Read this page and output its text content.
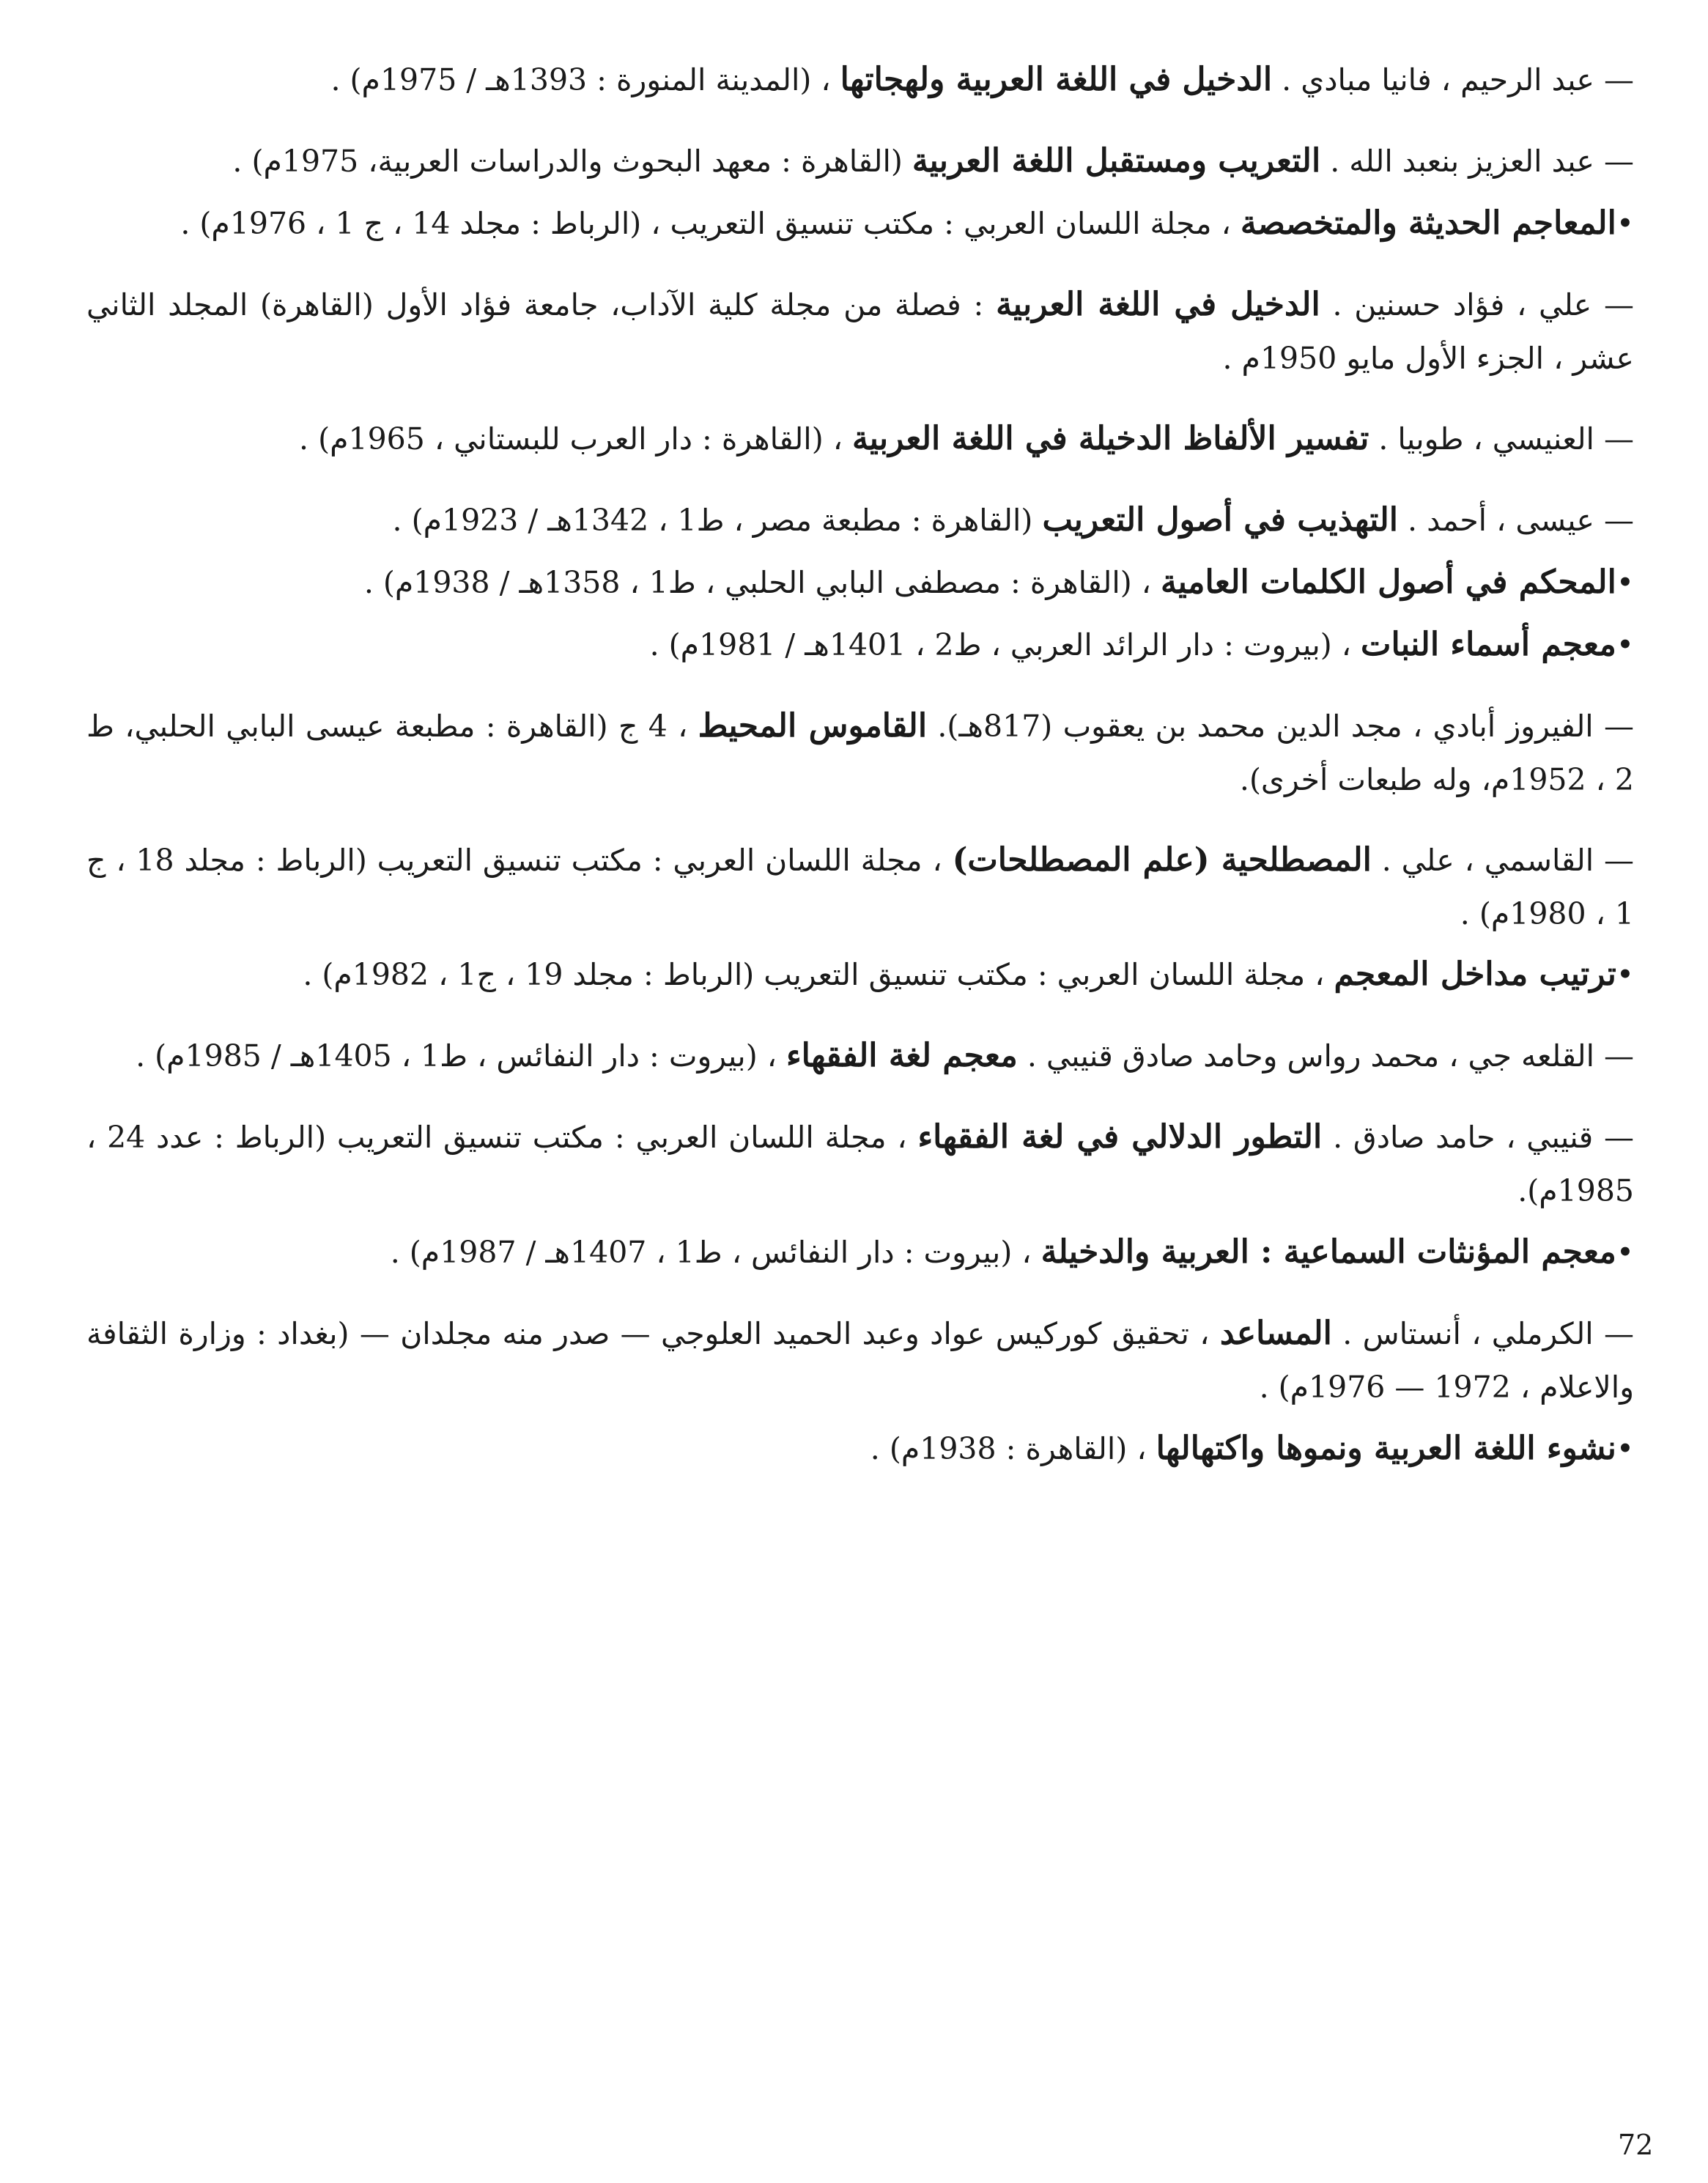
— عبد الرحيم ، فانيا مبادي . الدخيل في اللغة العربية ولهجاتها ، (المدينة المنورة : 1393هـ / 1975م) .

— عبد العزيز بنعبد الله . التعريب ومستقبل اللغة العربية (القاهرة : معهد البحوث والدراسات العربية، 1975م) .

•المعاجم الحديثة والمتخصصة ، مجلة اللسان العربي : مكتب تنسيق التعريب ، (الرباط : مجلد 14 ، ج 1 ، 1976م) .

— علي ، فؤاد حسنين . الدخيل في اللغة العربية : فصلة من مجلة كلية الآداب، جامعة فؤاد الأول (القاهرة) المجلد الثاني عشر ، الجزء الأول مايو 1950م .

— العنيسي ، طوبيا . تفسير الألفاظ الدخيلة في اللغة العربية ، (القاهرة : دار العرب للبستاني ، 1965م) .

— عيسى ، أحمد . التهذيب في أصول التعريب (القاهرة : مطبعة مصر ، ط1 ، 1342هـ / 1923م) .

•المحكم في أصول الكلمات العامية ، (القاهرة : مصطفى البابي الحلبي ، ط1 ، 1358هـ / 1938م) .

•معجم أسماء النبات ، (بيروت : دار الرائد العربي ، ط2 ، 1401هـ / 1981م) .

— الفيروز أبادي ، مجد الدين محمد بن يعقوب (817هـ). القاموس المحيط ، 4 ج (القاهرة : مطبعة عيسى البابي الحلبي، ط 2 ، 1952م، وله طبعات أخرى).

— القاسمي ، علي . المصطلحية (علم المصطلحات) ، مجلة اللسان العربي : مكتب تنسيق التعريب (الرباط : مجلد 18 ، ج 1 ، 1980م) .

•ترتيب مداخل المعجم ، مجلة اللسان العربي : مكتب تنسيق التعريب (الرباط : مجلد 19 ، ج1 ، 1982م) .

— القلعه جي ، محمد رواس وحامد صادق قنيبي . معجم لغة الفقهاء ، (بيروت : دار النفائس ، ط1 ، 1405هـ / 1985م) .

— قنيبي ، حامد صادق . التطور الدلالي في لغة الفقهاء ، مجلة اللسان العربي : مكتب تنسيق التعريب (الرباط : عدد 24 ، 1985م).

•معجم المؤنثات السماعية : العربية والدخيلة ، (بيروت : دار النفائس ، ط1 ، 1407هـ / 1987م) .

— الكرملي ، أنستاس . المساعد ، تحقيق كوركيس عواد وعبد الحميد العلوجي — صدر منه مجلدان — (بغداد : وزارة الثقافة والاعلام ، 1972 — 1976م) .

•نشوء اللغة العربية ونموها واكتهالها ، (القاهرة : 1938م) .

72
